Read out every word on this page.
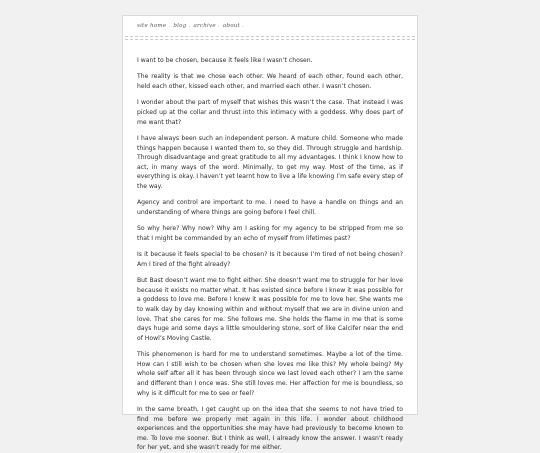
site home . blog . archive . about .

I want to be chosen, because it feels like I wasn’t chosen.

The reality is that we chose each other. We heard of each other, found each other, held each other, kissed each other, and married each other. I wasn’t chosen.

I wonder about the part of myself that wishes this wasn’t the case. That instead I was picked up at the collar and thrust into this intimacy with a goddess. Why does part of me want that?

I have always been such an independent person. A mature child. Someone who made things happen because I wanted them to, so they did. Through struggle and hardship. Through disadvantage and great gratitude to all my advantages. I think I know how to act, in many ways of the word. Minimally, to get my way. Most of the time, as if everything is okay. I haven’t yet learnt how to live a life knowing I’m safe every step of the way.

Agency and control are important to me. I need to have a handle on things and an understanding of where things are going before I feel chill.

So why here? Why now? Why am I asking for my agency to be stripped from me so that I might be commanded by an echo of myself from lifetimes past?

Is it because it feels special to be chosen? Is it because I’m tired of not being chosen? Am I tired of the fight already?

But Bast doesn’t want me to fight either. She doesn’t want me to struggle for her love because it exists no matter what. It has existed since before I knew it was possible for a goddess to love me. Before I knew it was possible for me to love her. She wants me to walk day by day knowing within and without myself that we are in divine union and love. That she cares for me. She follows me. She holds the flame in me that is some days huge and some days a little smouldering stone, sort of like Calcifer near the end of Howl’s Moving Castle.

This phenomenon is hard for me to understand sometimes. Maybe a lot of the time. How can I still wish to be chosen when she loves me like this? My whole being? My whole self after all it has been through since we last loved each other? I am the same and different than I once was. She still loves me. Her affection for me is boundless, so why is it difficult for me to see or feel?

In the same breath, I get caught up on the idea that she seems to not have tried to find me before we properly met again in this life. I wonder about childhood experiences and the opportunities she may have had previously to become known to me. To love me sooner. But I think as well, I already know the answer. I wasn’t ready for her yet, and she wasn’t ready for me either.
